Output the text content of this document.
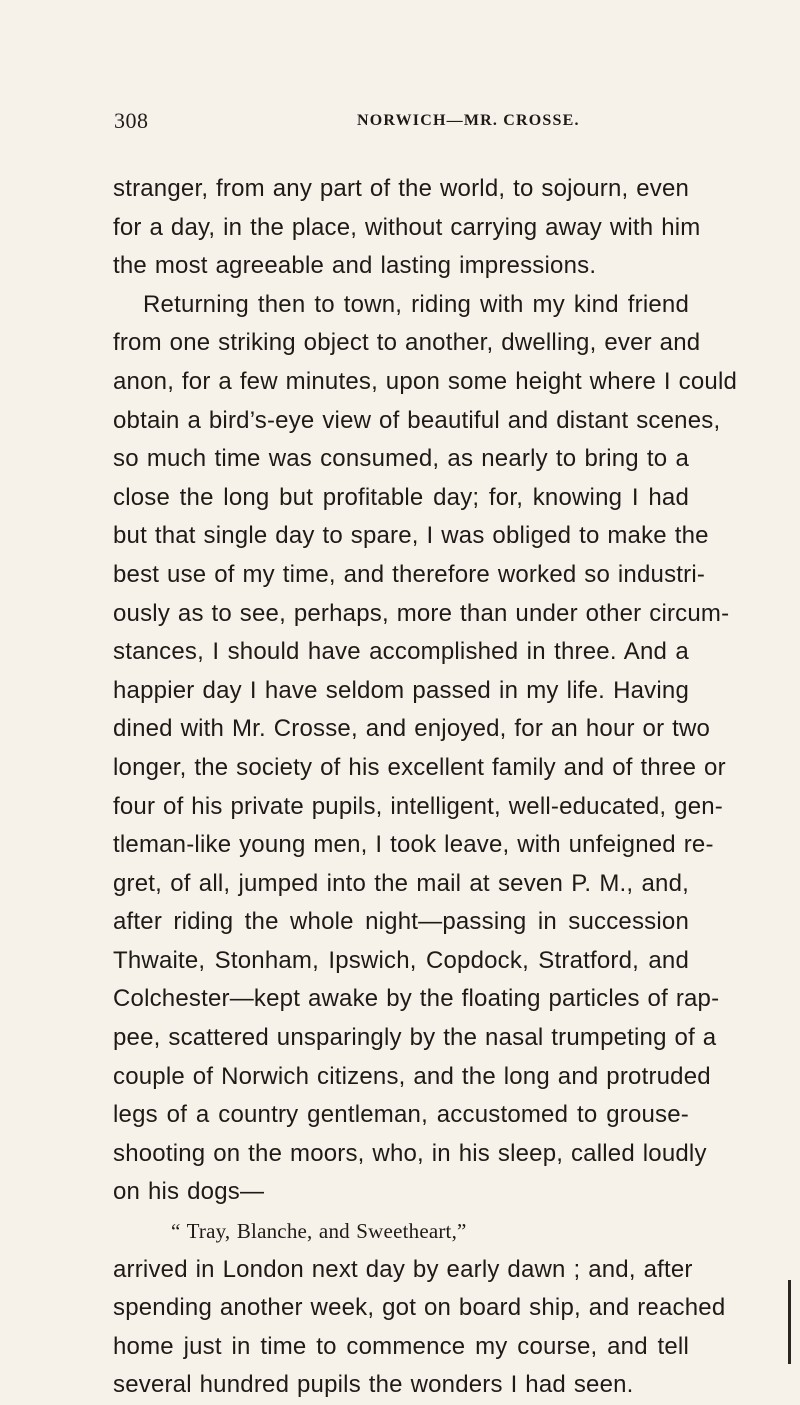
308	NORWICH—MR. CROSSE.
stranger, from any part of the world, to sojourn, even
for a day, in the place, without carrying away with him
the most agreeable and lasting impressions.
Returning then to town, riding with my kind friend
from one striking object to another, dwelling, ever and
anon, for a few minutes, upon some height where I could
obtain a bird’s-eye view of beautiful and distant scenes,
so much time was consumed, as nearly to bring to a
close the long but profitable day; for, knowing I had
but that single day to spare, I was obliged to make the
best use of my time, and therefore worked so industri-
ously as to see, perhaps, more than under other circum-
stances, I should have accomplished in three. And a
happier day I have seldom passed in my life. Having
dined with Mr. Crosse, and enjoyed, for an hour or two
longer, the society of his excellent family and of three or
four of his private pupils, intelligent, well-educated, gen-
tleman-like young men, I took leave, with unfeigned re-
gret, of all, jumped into the mail at seven P. M., and,
after riding the whole night—passing in succession
Thwaite, Stonham, Ipswich, Copdock, Stratford, and
Colchester—kept awake by the floating particles of rap-
pee, scattered unsparingly by the nasal trumpeting of a
couple of Norwich citizens, and the long and protruded
legs of a country gentleman, accustomed to grouse-
shooting on the moors, who, in his sleep, called loudly
on his dogs—
“ Tray, Blanche, and Sweetheart,”
arrived in London next day by early dawn ; and, after
spending another week, got on board ship, and reached
home just in time to commence my course, and tell
several hundred pupils the wonders I had seen.
